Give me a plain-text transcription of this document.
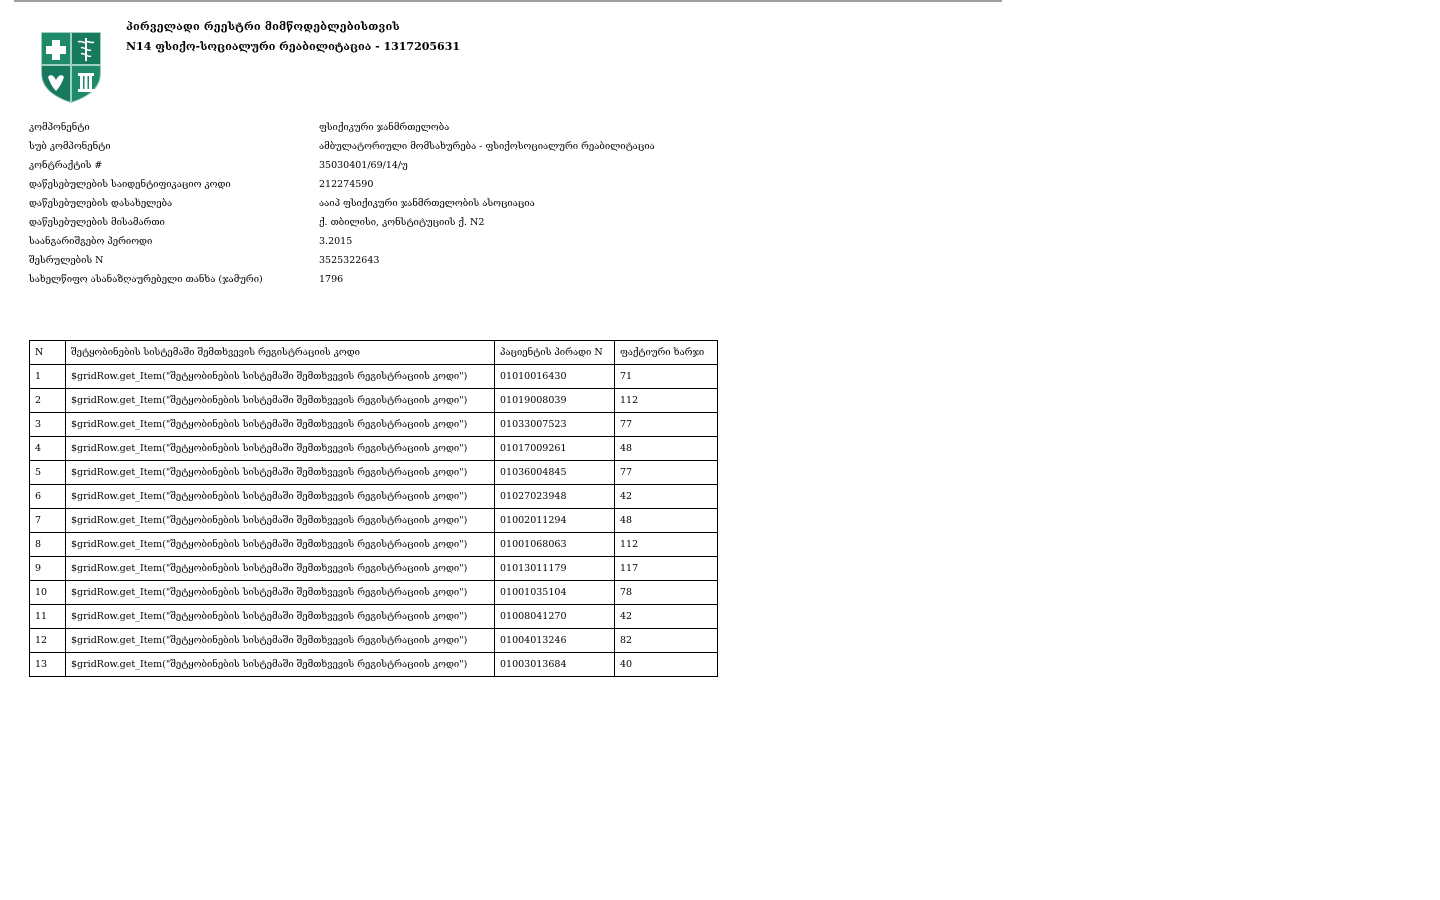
პირველადი რეესტრი მიმწოდებლებისთვის
N14 ფსიქო-სოციალური რეაბილიტაცია - 1317205631
კომპონენტი	ფსიქიკური ჯანმრთელობა
სუბ კომპონენტი	ამბულატორიული მომსახურება - ფსიქოსოციალური რეაბილიტაცია
კონტრაქტის #	35030401/69/14/უ
დაწესებულების საიდენტიფიკაციო კოდი	212274590
დაწესებულების დასახელება	ააიპ ფსიქიკური ჯანმრთელობის ასოციაცია
დაწესებულების მისამართი	ქ. თბილისი, კონსტიტუციის ქ. N2
საანგარიშგებო პერიოდი	3.2015
შესრულების N	3525322643
სახელწიფო ასანაზღაურებელი თანხა (ჯამური)	1796
N	შეტყობინების სისტემაში შემთხვევის რეგისტრაციის კოდი	პაციენტის პირადი N	ფაქტიური ხარჯი
1	$gridRow.get_Item("შეტყობინების სისტემაში შემთხვევის რეგისტრაციის კოდი")	01010016430	71
2	$gridRow.get_Item("შეტყობინების სისტემაში შემთხვევის რეგისტრაციის კოდი")	01019008039	112
3	$gridRow.get_Item("შეტყობინების სისტემაში შემთხვევის რეგისტრაციის კოდი")	01033007523	77
4	$gridRow.get_Item("შეტყობინების სისტემაში შემთხვევის რეგისტრაციის კოდი")	01017009261	48
5	$gridRow.get_Item("შეტყობინების სისტემაში შემთხვევის რეგისტრაციის კოდი")	01036004845	77
6	$gridRow.get_Item("შეტყობინების სისტემაში შემთხვევის რეგისტრაციის კოდი")	01027023948	42
7	$gridRow.get_Item("შეტყობინების სისტემაში შემთხვევის რეგისტრაციის კოდი")	01002011294	48
8	$gridRow.get_Item("შეტყობინების სისტემაში შემთხვევის რეგისტრაციის კოდი")	01001068063	112
9	$gridRow.get_Item("შეტყობინების სისტემაში შემთხვევის რეგისტრაციის კოდი")	01013011179	117
10	$gridRow.get_Item("შეტყობინების სისტემაში შემთხვევის რეგისტრაციის კოდი")	01001035104	78
11	$gridRow.get_Item("შეტყობინების სისტემაში შემთხვევის რეგისტრაციის კოდი")	01008041270	42
12	$gridRow.get_Item("შეტყობინების სისტემაში შემთხვევის რეგისტრაციის კოდი")	01004013246	82
13	$gridRow.get_Item("შეტყობინების სისტემაში შემთხვევის რეგისტრაციის კოდი")	01003013684	40
